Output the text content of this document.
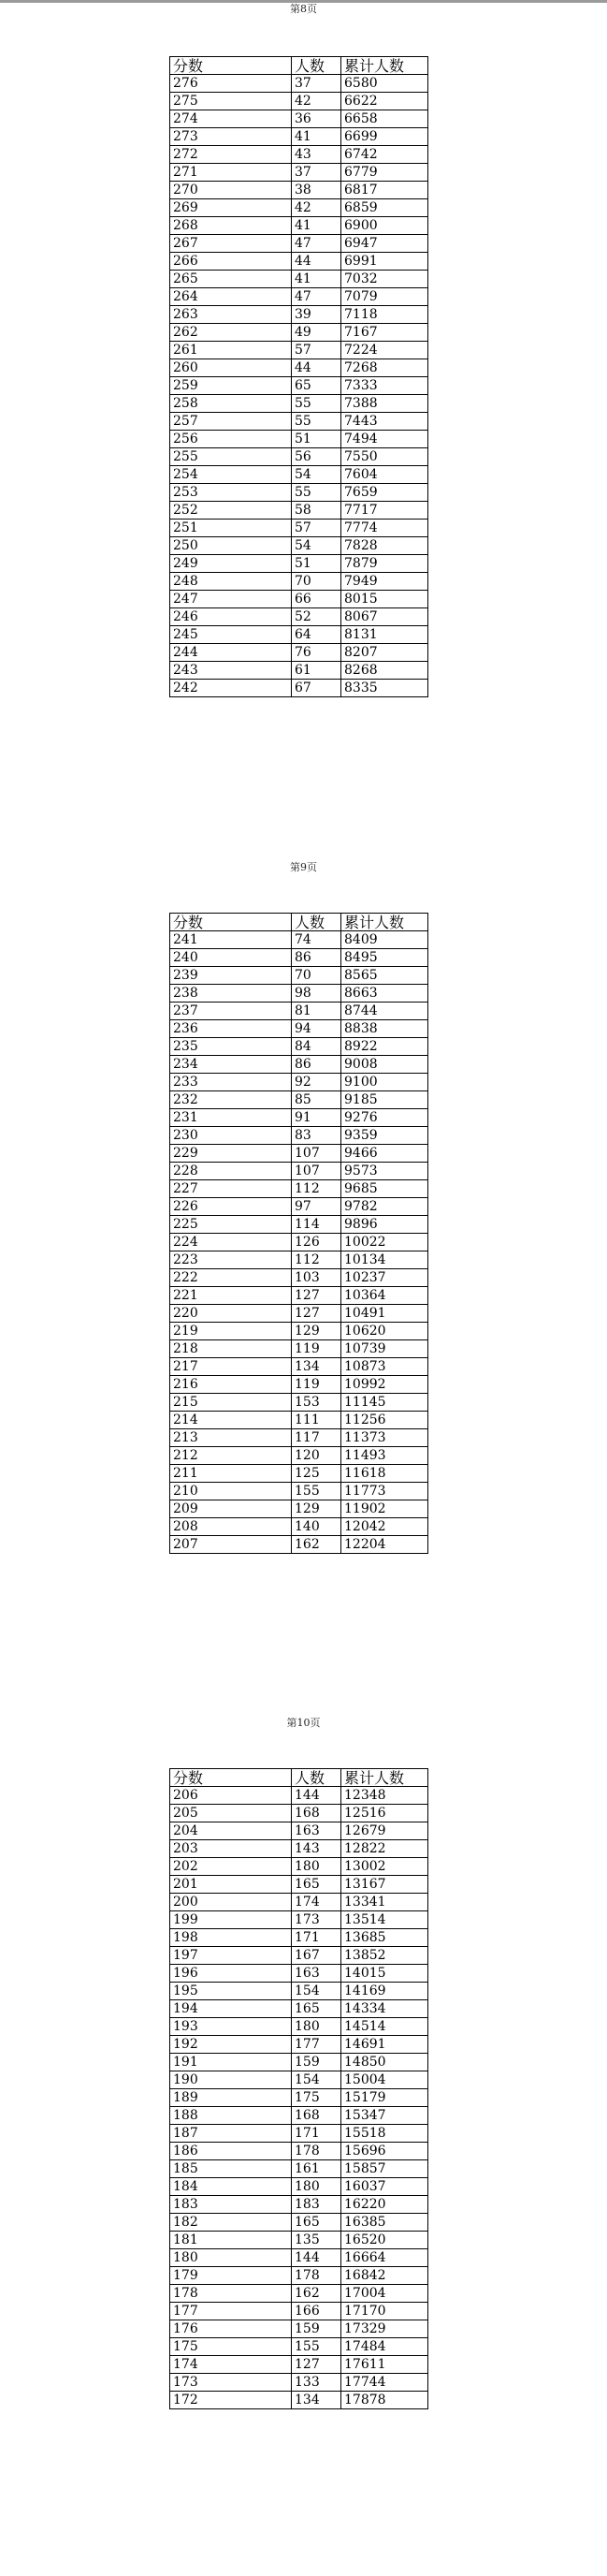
第8页
分数	人数	累计人数
276	37	6580
275	42	6622
274	36	6658
273	41	6699
272	43	6742
271	37	6779
270	38	6817
269	42	6859
268	41	6900
267	47	6947
266	44	6991
265	41	7032
264	47	7079
263	39	7118
262	49	7167
261	57	7224
260	44	7268
259	65	7333
258	55	7388
257	55	7443
256	51	7494
255	56	7550
254	54	7604
253	55	7659
252	58	7717
251	57	7774
250	54	7828
249	51	7879
248	70	7949
247	66	8015
246	52	8067
245	64	8131
244	76	8207
243	61	8268
242	67	8335
第9页
分数	人数	累计人数
241	74	8409
240	86	8495
239	70	8565
238	98	8663
237	81	8744
236	94	8838
235	84	8922
234	86	9008
233	92	9100
232	85	9185
231	91	9276
230	83	9359
229	107	9466
228	107	9573
227	112	9685
226	97	9782
225	114	9896
224	126	10022
223	112	10134
222	103	10237
221	127	10364
220	127	10491
219	129	10620
218	119	10739
217	134	10873
216	119	10992
215	153	11145
214	111	11256
213	117	11373
212	120	11493
211	125	11618
210	155	11773
209	129	11902
208	140	12042
207	162	12204
第10页
分数	人数	累计人数
206	144	12348
205	168	12516
204	163	12679
203	143	12822
202	180	13002
201	165	13167
200	174	13341
199	173	13514
198	171	13685
197	167	13852
196	163	14015
195	154	14169
194	165	14334
193	180	14514
192	177	14691
191	159	14850
190	154	15004
189	175	15179
188	168	15347
187	171	15518
186	178	15696
185	161	15857
184	180	16037
183	183	16220
182	165	16385
181	135	16520
180	144	16664
179	178	16842
178	162	17004
177	166	17170
176	159	17329
175	155	17484
174	127	17611
173	133	17744
172	134	17878
